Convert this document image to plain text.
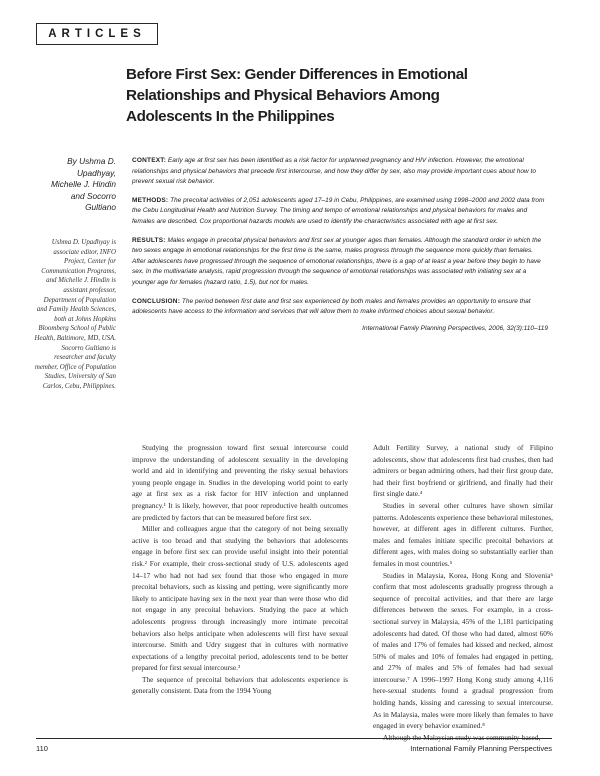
ARTICLES
Before First Sex: Gender Differences in Emotional Relationships and Physical Behaviors Among Adolescents In the Philippines
By Ushma D.
Upadhyay,
Michelle J. Hindin
and Socorro
Gultiano
Ushma D. Upadhyay is associate editor, INFO Project, Center for Communication Programs, and Michelle J. Hindin is assistant professor, Department of Population and Family Health Sciences, both at Johns Hopkins Bloomberg School of Public Health, Baltimore, MD, USA. Socorro Gultiano is researcher and faculty member, Office of Population Studies, University of San Carlos, Cebu, Philippines.

CONTEXT: Early age at first sex has been identified as a risk factor for unplanned pregnancy and HIV infection. However, the emotional relationships and physical behaviors that precede first intercourse, and how they differ by sex, also may provide important cues about how to prevent sexual risk behavior.

METHODS: The precoital activities of 2,051 adolescents aged 17–19 in Cebu, Philippines, are examined using 1998–2000 and 2002 data from the Cebu Longitudinal Health and Nutrition Survey. The timing and tempo of emotional relationships and physical behaviors for males and females are described. Cox proportional hazards models are used to identify the characteristics associated with age at first sex.

RESULTS: Males engage in precoital physical behaviors and first sex at younger ages than females. Although the standard order in which the two sexes engage in emotional relationships for the first time is the same, males progress through the sequence more quickly than females. After adolescents have progressed through the sequence of emotional relationships, there is a gap of at least a year before they begin to have sex. In the multivariate analysis, rapid progression through the sequence of emotional relationships was associated with initiating sex at a younger age for females (hazard ratio, 1.5), but not for males.

CONCLUSION: The period between first date and first sex experienced by both males and females provides an opportunity to ensure that adolescents have access to the information and services that will allow them to make informed choices about sexual behavior.

International Family Planning Perspectives, 2006, 32(3):110–119

Studying the progression toward first sexual intercourse could improve the understanding of adolescent sexuality in the developing world and aid in identifying and preventing the risky sexual behaviors young people engage in. Studies in the developing world point to early age at first sex as a risk factor for HIV infection and unplanned pregnancy.¹ It is likely, however, that poor reproductive health outcomes are predicted by factors that can be measured before first sex.

Miller and colleagues argue that the category of not being sexually active is too broad and that studying the behaviors that adolescents engage in before first sex can provide useful insight into their potential risk.² For example, their cross-sectional study of U.S. adolescents aged 14–17 who had not had sex found that those who engaged in more precoital behaviors, such as kissing and petting, were significantly more likely to anticipate having sex in the next year than were those who did not engage in any precoital behaviors. Studying the pace at which adolescents progress through increasingly more intimate precoital behaviors also helps anticipate when adolescents will first have sexual intercourse. Smith and Udry suggest that in cultures with normative expectations of a lengthy precoital period, adolescents tend to be better prepared for first sexual intercourse.³

The sequence of precoital behaviors that adolescents experience is generally consistent. Data from the 1994 Young

Adult Fertility Survey, a national study of Filipino adolescents, show that adolescents first had crushes, then had admirers or began admiring others, had their first group date, had their first boyfriend or girlfriend, and finally had their first single date.⁴

Studies in several other cultures have shown similar patterns. Adolescents experience these behavioral milestones, however, at different ages in different cultures. Further, males and females initiate specific precoital behaviors at different ages, with males doing so substantially earlier than females in most countries.⁵

Studies in Malaysia, Korea, Hong Kong and Slovenia⁶ confirm that most adolescents gradually progress through a sequence of precoital activities, and that there are large differences between the sexes. For example, in a cross-sectional survey in Malaysia, 45% of the 1,181 participating adolescents had dated. Of those who had dated, almost 60% of males and 17% of females had kissed and necked, almost 50% of males and 10% of females had engaged in petting, and 27% of males and 5% of females had had sexual intercourse.⁷ A 1996–1997 Hong Kong study among 4,116 here-sexual students found a gradual progression from holding hands, kissing and caressing to sexual intercourse. As in Malaysia, males were more likely than females to have engaged in every behavior examined.⁸

Although the Malaysian study was community-based,

110	International Family Planning Perspectives
